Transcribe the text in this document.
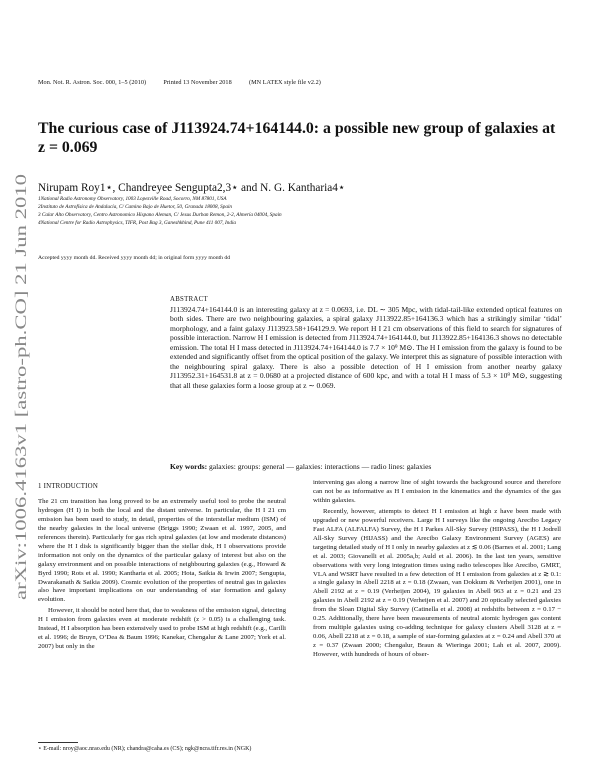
Mon. Not. R. Astron. Soc. 000, 1–5 (2010)	Printed 13 November 2018	(MN LATEX style file v2.2)
arXiv:1006.4163v1 [astro-ph.CO] 21 Jun 2010
The curious case of J113924.74+164144.0: a possible new group of galaxies at z = 0.069
Nirupam Roy1⋆, Chandreyee Sengupta2,3⋆ and N. G. Kantharia4⋆
1National Radio Astronomy Observatory, 1003 Lopezville Road, Socorro, NM 87801, USA
2Instituto de Astrofísica de Andalucía, C/ Camino Bajo de Huetor, 50, Granada 18008, Spain
3 Calar Alto Observatory, Centro Astronomico Hispano Aleman, C/ Jesus Durban Remon, 2-2, Almería 04004, Spain
4National Centre for Radio Astrophysics, TIFR, Post Bag 3, Ganeshkhind, Pune 411 007, India
Accepted yyyy month dd. Received yyyy month dd; in original form yyyy month dd
ABSTRACT
J113924.74+164144.0 is an interesting galaxy at z = 0.0693, i.e. DL ∼ 305 Mpc, with tidal-tail-like extended optical features on both sides. There are two neighbouring galaxies, a spiral galaxy J113922.85+164136.3 which has a strikingly similar ‘tidal’ morphology, and a faint galaxy J113923.58+164129.9. We report H I 21 cm observations of this field to search for signatures of possible interaction. Narrow H I emission is detected from J113924.74+164144.0, but J113922.85+164136.3 shows no detectable emission. The total H I mass detected in J113924.74+164144.0 is 7.7 × 10⁹ M⊙. The H I emission from the galaxy is found to be extended and significantly offset from the optical position of the galaxy. We interpret this as signature of possible interaction with the neighbouring spiral galaxy. There is also a possible detection of H I emission from another nearby galaxy J113952.31+164531.8 at z = 0.0680 at a projected distance of 600 kpc, and with a total H I mass of 5.3 × 10⁹ M⊙, suggesting that all these galaxies form a loose group at z ∼ 0.069.
Key words: galaxies: groups: general — galaxies: interactions — radio lines: galaxies
1 INTRODUCTION

The 21 cm transition has long proved to be an extremely useful tool to probe the neutral hydrogen (H I) in both the local and the distant universe. In particular, the H I 21 cm emission has been used to study, in detail, properties of the interstellar medium (ISM) of the nearby galaxies in the local universe (Briggs 1990; Zwaan et al. 1997, 2005, and references therein). Particularly for gas rich spiral galaxies (at low and moderate distances) where the H I disk is significantly bigger than the stellar disk, H I observations provide information not only on the dynamics of the particular galaxy of interest but also on the galaxy environment and on possible interactions of neighbouring galaxies (e.g., Howard & Byrd 1990; Rots et al. 1990; Kantharia et al. 2005; Hota, Saikia & Irwin 2007; Sengupta, Dwarakanath & Saikia 2009). Cosmic evolution of the properties of neutral gas in galaxies also have important implications on our understanding of star formation and galaxy evolution.

However, it should be noted here that, due to weakness of the emission signal, detecting H I emission from galaxies even at moderate redshift (z > 0.05) is a challenging task. Instead, H I absorption has been extensively used to probe ISM at high redshift (e.g., Carilli et al. 1996; de Bruyn, O’Dea & Baum 1996; Kanekar, Chengalur & Lane 2007; York et al. 2007) but only in the

intervening gas along a narrow line of sight towards the background source and therefore can not be as informative as H I emission in the kinematics and the dynamics of the gas within galaxies.

Recently, however, attempts to detect H I emission at high z have been made with upgraded or new powerful receivers. Large H I surveys like the ongoing Arecibo Legacy Fast ALFA (ALFALFA) Survey, the H I Parkes All-Sky Survey (HIPASS), the H I Jodrell All-Sky Survey (HIJASS) and the Arecibo Galaxy Environment Survey (AGES) are targeting detailed study of H I only in nearby galaxies at z ≲ 0.06 (Barnes et al. 2001; Lang et al. 2003; Giovanelli et al. 2005a,b; Auld et al. 2006). In the last ten years, sensitive observations with very long integration times using radio telescopes like Arecibo, GMRT, VLA and WSRT have resulted in a few detection of H I emission from galaxies at z ≳ 0.1: a single galaxy in Abell 2218 at z = 0.18 (Zwaan, van Dokkum & Verheijen 2001), one in Abell 2192 at z = 0.19 (Verheijen 2004), 19 galaxies in Abell 963 at z = 0.21 and 23 galaxies in Abell 2192 at z = 0.19 (Verheijen et al. 2007) and 20 optically selected galaxies from the Sloan Digital Sky Survey (Catinella et al. 2008) at redshifts between z = 0.17 − 0.25. Additionally, there have been measurements of neutral atomic hydrogen gas content from multiple galaxies using co-adding technique for galaxy clusters Abell 3128 at z = 0.06, Abell 2218 at z = 0.18, a sample of star-forming galaxies at z = 0.24 and Abell 370 at z = 0.37 (Zwaan 2000; Chengalur, Braun & Wieringa 2001; Lah et al. 2007, 2009). However, with hundreds of hours of obser-

⋆ E-mail: nroy@aoc.nrao.edu (NR); chandra@caha.es (CS); ngk@ncra.tifr.res.in (NGK)
